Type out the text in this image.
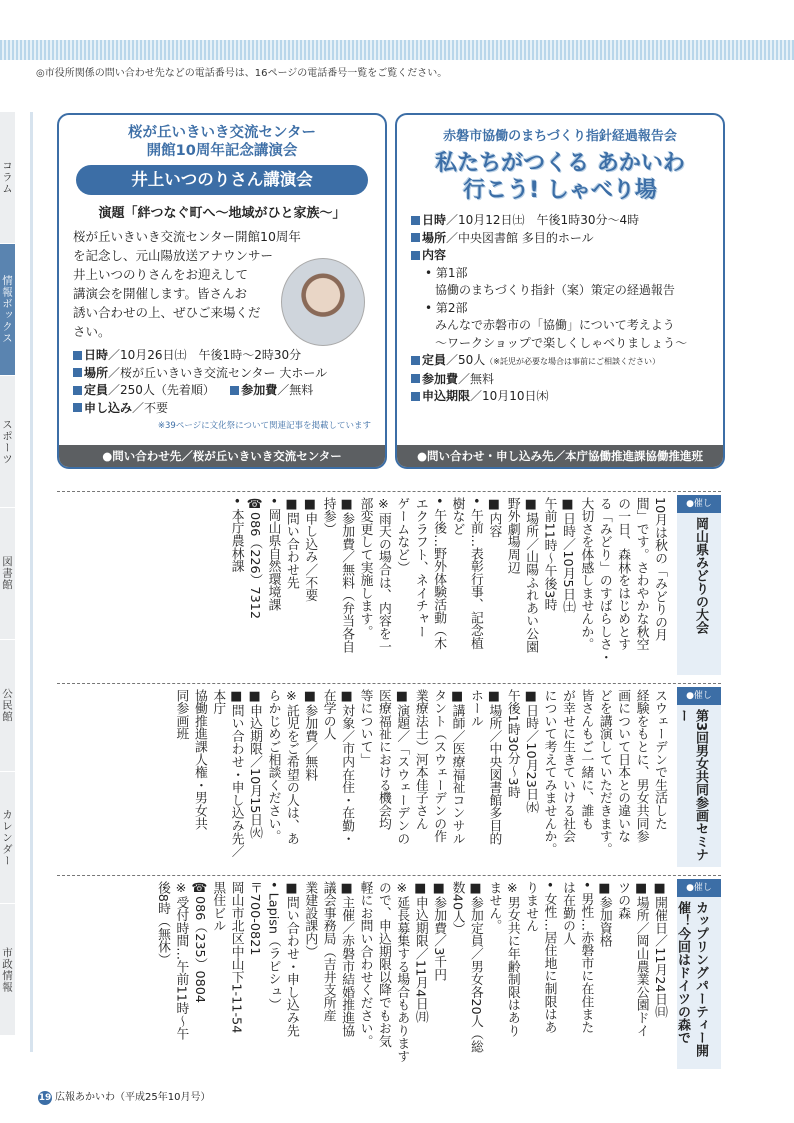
◎市役所関係の問い合わせ先などの電話番号は、16ページの電話番号一覧をご覧ください。
コラム
情報ボックス
スポーツ
図書館
公民館
カレンダー
市政情報
桜が丘いきいき交流センター
開館10周年記念講演会
井上いつのりさん講演会
演題「絆つなぐ町へ〜地域がひと家族〜」
桜が丘いきいき交流センター開館10周年
を記念し、元山陽放送アナウンサー
井上いつのりさんをお迎えして
講演会を開催します。皆さんお
誘い合わせの上、ぜひご来場くだ
さい。
日時／10月26日㈯　午後1時〜2時30分
場所／桜が丘いきいき交流センター 大ホール
定員／250人（先着順） 参加費／無料
申し込み／不要
※39ページに文化祭について関連記事を掲載しています
●問い合わせ先／桜が丘いきいき交流センター
赤磐市協働のまちづくり指針経過報告会
私たちがつくる あかいわ
行こう! しゃべり場
日時／10月12日㈯　午後1時30分〜4時
場所／中央図書館 多目的ホール
内容
• 第1部
協働のまちづくり指針（案）策定の経過報告
• 第2部
みんなで赤磐市の「協働」について考えよう
〜ワークショップで楽しくしゃべりましょう〜
定員／50人（※託児が必要な場合は事前にご相談ください）
参加費／無料
申込期限／10月10日㈭
●問い合わせ・申し込み先／本庁協働推進課協働推進班
●催し
岡山県みどりの大会
10月は秋の「みどりの月
間」です。さわやかな秋空
の一日、森林をはじめとす
る「みどり」のすばらしさ・
大切さを体感しませんか。
■日時／10月5日㈯
午前11時〜午後3時
■場所／山陽ふれあい公園
野外劇場周辺
■内容
• 午前…表彰行事、記念植
樹など
• 午後…野外体験活動（木
エクラフト、ネイチャー
ゲームなど）
※雨天の場合は、内容を一
部変更して実施します。
■参加費／無料（弁当各自
持参）
■申し込み／不要
■問い合わせ先
• 岡山県自然環境課
☎086（226）7312
• 本庁農林課
●催し
第3回男女共同参画セミナー
スウェーデンで生活した
経験をもとに、男女共同参
画について日本との違いな
どを講演していただきます。
皆さんもご一緒に、誰も
が幸せに生きていける社会
について考えてみませんか。
■日時／10月23日㈬
午後1時30分〜3時
■場所／中央図書館多目的
ホール
■講師／医療福祉コンサル
タント（スウェーデンの作
業療法士）河本佳子さん
■演題／「スウェーデンの
医療福祉における機会均
等について」
■対象／市内在住・在勤・
在学の人
■参加費／無料
※託児をご希望の人は、あ
らかじめご相談ください。
■申込期限／10月15日㈫
■問い合わせ・申し込み先／本庁
協働推進課人権・男女共
同参画班
●催し
カップリングパーティー開催！今回はドイツの森で
■開催日／11月24日㈰
■場所／岡山農業公園ドイ
ツの森
■参加資格
• 男性…赤磐市に在住また
は在勤の人
• 女性…居住地に制限はあ
りません
※男女共に年齢制限はあり
ません。
■参加定員／男女各20人（総
数40人）
■参加費／3千円
■申込期限／11月4日㈪
※延長募集する場合もあります
ので、申込期限以降でもお気
軽にお問い合わせください。
■主催／赤磐市結婚推進協
議会事務局（吉井支所産
業建設課内）
■問い合わせ・申し込み先
• Lapisn（ラピシュ）
〒700-0821
岡山市北区中山下1-11-54
黒住ビル
☎086（235）0804
※受付時間…午前11時〜午
後8時（無休）
19 広報あかいわ（平成25年10月号）
